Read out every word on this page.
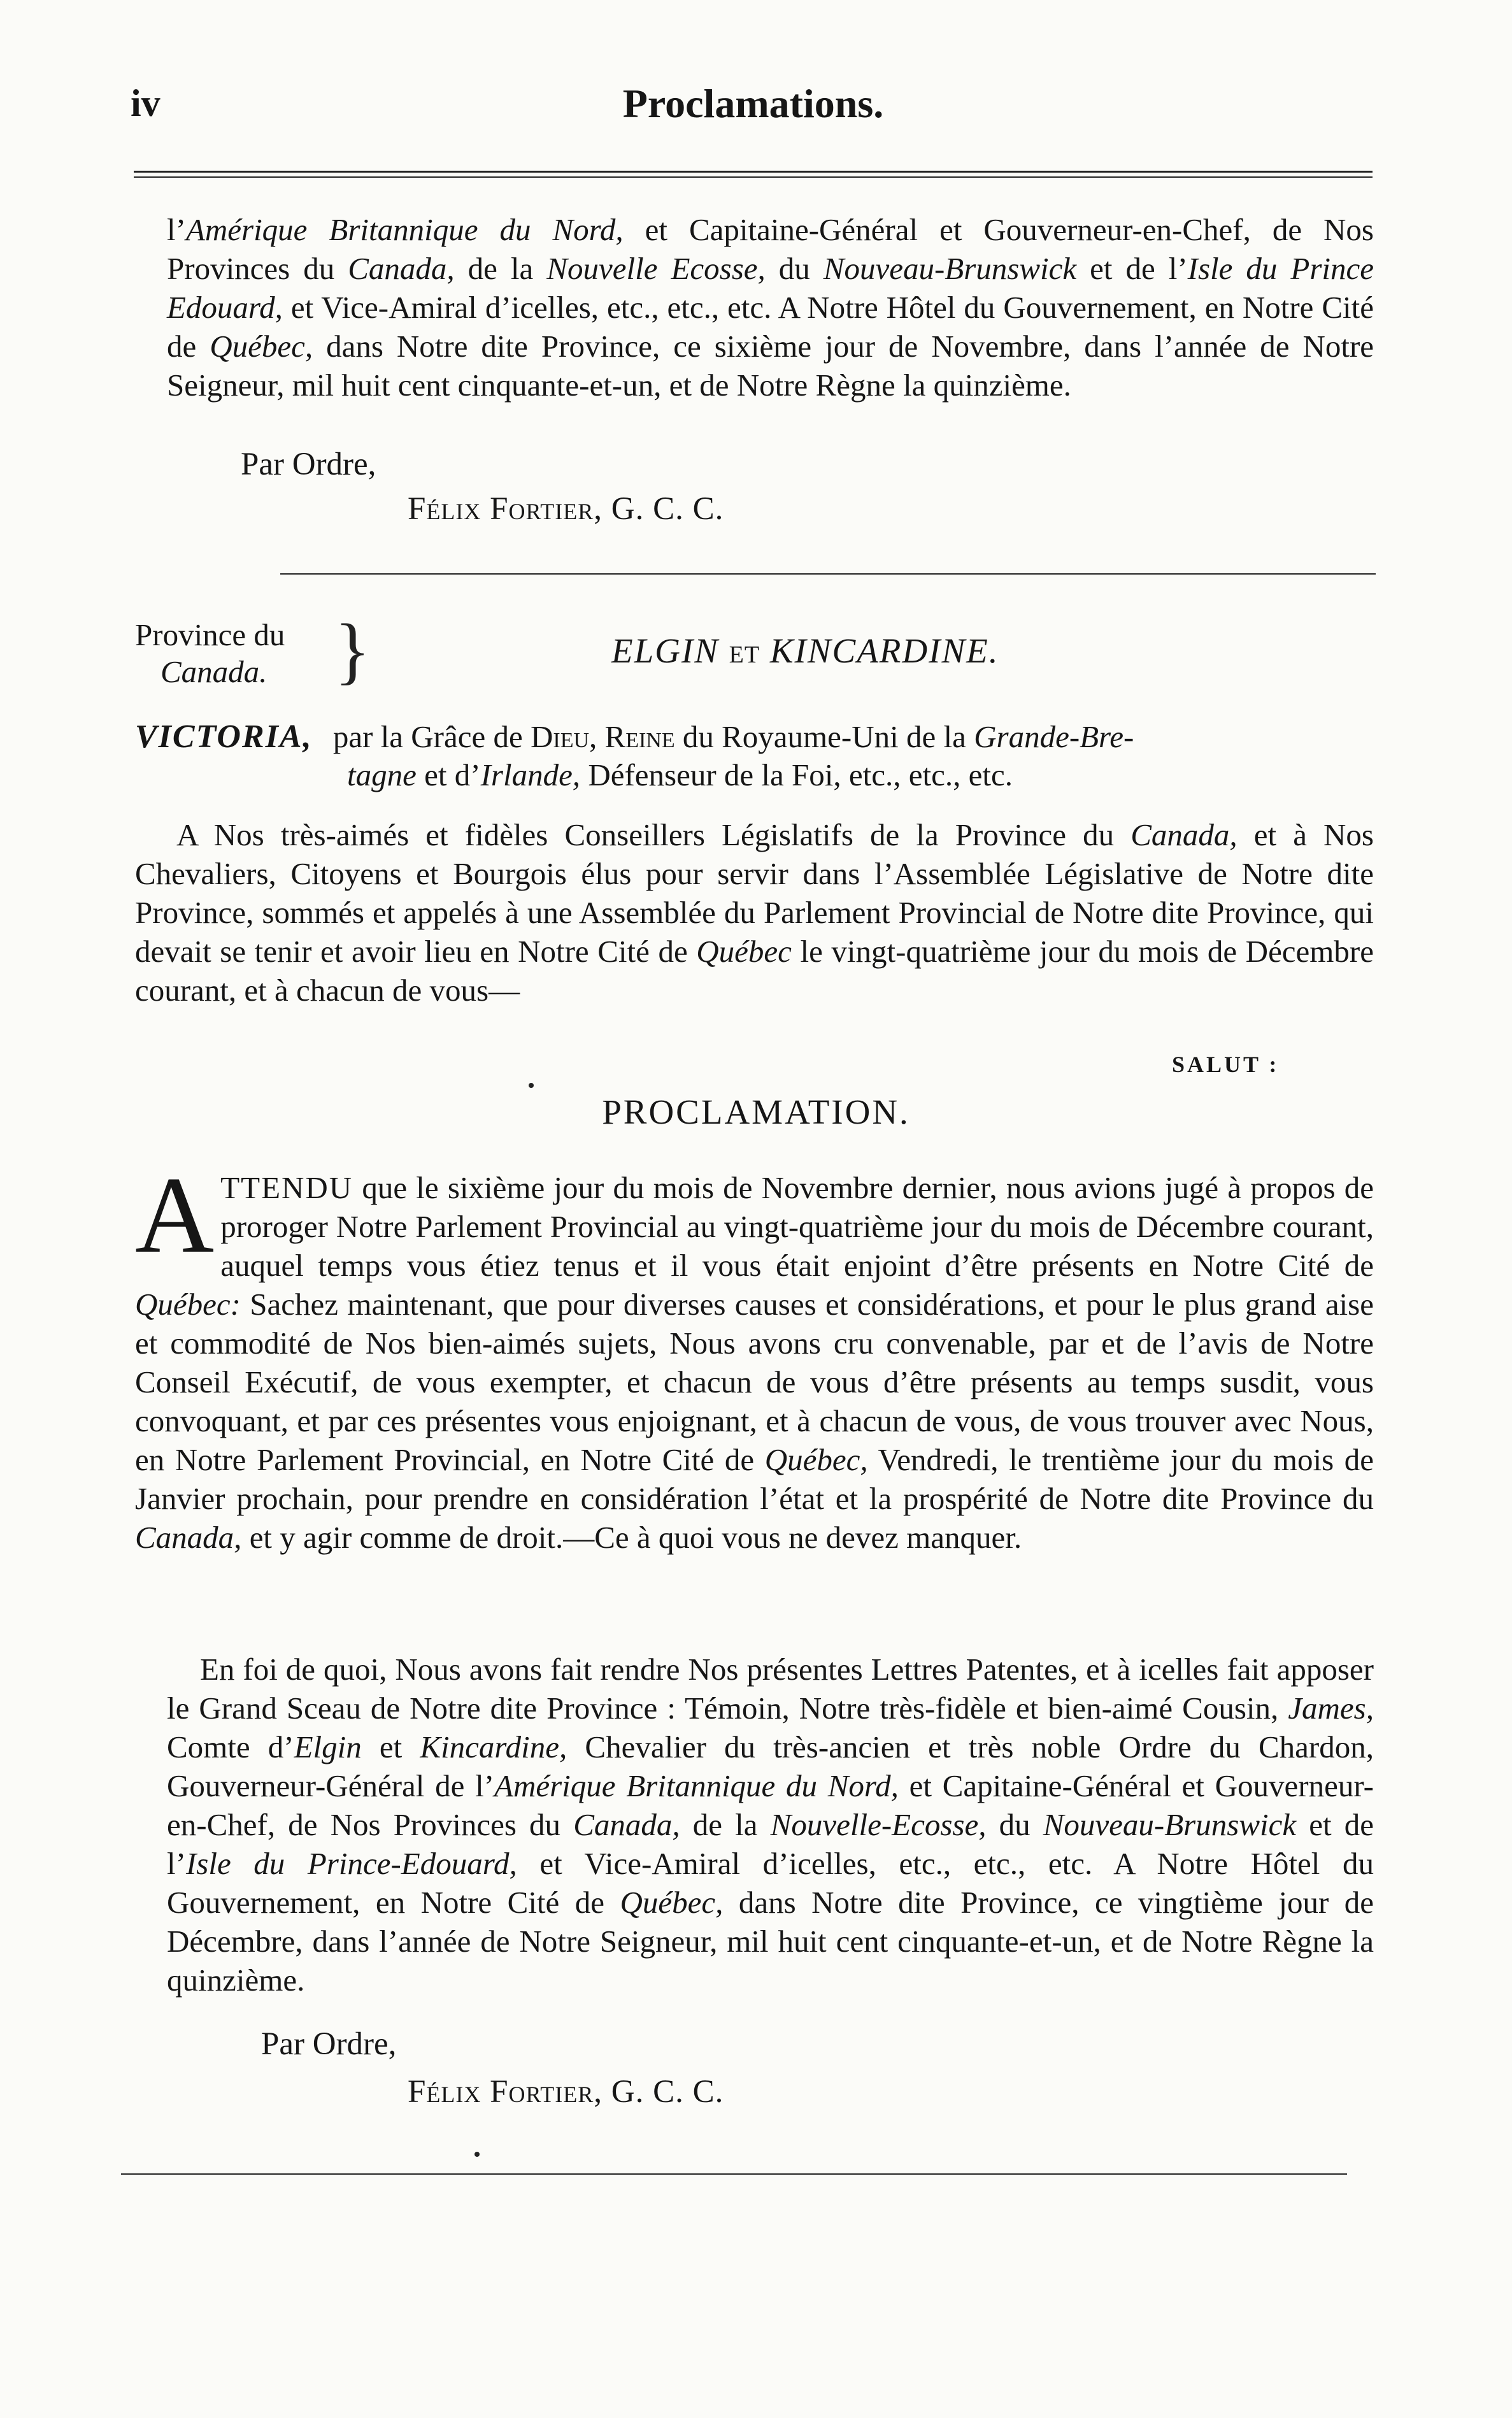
iv	Proclamations.
l’Amérique Britannique du Nord, et Capitaine-Général et Gouverneur-en-Chef, de Nos Provinces du Canada, de la Nouvelle Ecosse, du Nouveau-Brunswick et de l’Isle du Prince Edouard, et Vice-Amiral d’icelles, etc., etc., etc. A Notre Hôtel du Gouvernement, en Notre Cité de Québec, dans Notre dite Province, ce sixième jour de Novembre, dans l’année de Notre Seigneur, mil huit cent cinquante-et-un, et de Notre Règne la quinzième.
Par Ordre,
Félix Fortier, G. C. C.
Province du
Canada. }	ELGIN ET KINCARDINE.
VICTORIA, par la Grâce de Dieu, Reine du Royaume-Uni de la Grande-Bre-
tagne et d’Irlande, Défenseur de la Foi, etc., etc., etc.
A Nos très-aimés et fidèles Conseillers Législatifs de la Province du Canada, et à Nos Chevaliers, Citoyens et Bourgois élus pour servir dans l’Assemblée Législative de Notre dite Province, sommés et appelés à une Assemblée du Parlement Provincial de Notre dite Province, qui devait se tenir et avoir lieu en Notre Cité de Québec le vingt-quatrième jour du mois de Décembre courant, et à chacun de vous—
SALUT :
PROCLAMATION.
ATTENDU que le sixième jour du mois de Novembre dernier, nous avions jugé à propos de proroger Notre Parlement Provincial au vingt-quatrième jour du mois de Décembre courant, auquel temps vous étiez tenus et il vous était enjoint d’être présents en Notre Cité de Québec: Sachez maintenant, que pour diverses causes et considérations, et pour le plus grand aise et commodité de Nos bien-aimés sujets, Nous avons cru convenable, par et de l’avis de Notre Conseil Exécutif, de vous exempter, et chacun de vous d’être présents au temps susdit, vous convoquant, et par ces présentes vous enjoignant, et à chacun de vous, de vous trouver avec Nous, en Notre Parlement Provincial, en Notre Cité de Québec, Vendredi, le trentième jour du mois de Janvier prochain, pour prendre en considération l’état et la prospérité de Notre dite Province du Canada, et y agir comme de droit.—Ce à quoi vous ne devez manquer.
En foi de quoi, Nous avons fait rendre Nos présentes Lettres Patentes, et à icelles fait apposer le Grand Sceau de Notre dite Province : Témoin, Notre très-fidèle et bien-aimé Cousin, James, Comte d’Elgin et Kincardine, Chevalier du très-ancien et très noble Ordre du Chardon, Gouverneur-Général de l’Amérique Britannique du Nord, et Capitaine-Général et Gouverneur-en-Chef, de Nos Provinces du Canada, de la Nouvelle-Ecosse, du Nouveau-Brunswick et de l’Isle du Prince-Edouard, et Vice-Amiral d’icelles, etc., etc., etc. A Notre Hôtel du Gouvernement, en Notre Cité de Québec, dans Notre dite Province, ce vingtième jour de Décembre, dans l’année de Notre Seigneur, mil huit cent cinquante-et-un, et de Notre Règne la quinzième.
Par Ordre,
Félix Fortier, G. C. C.
